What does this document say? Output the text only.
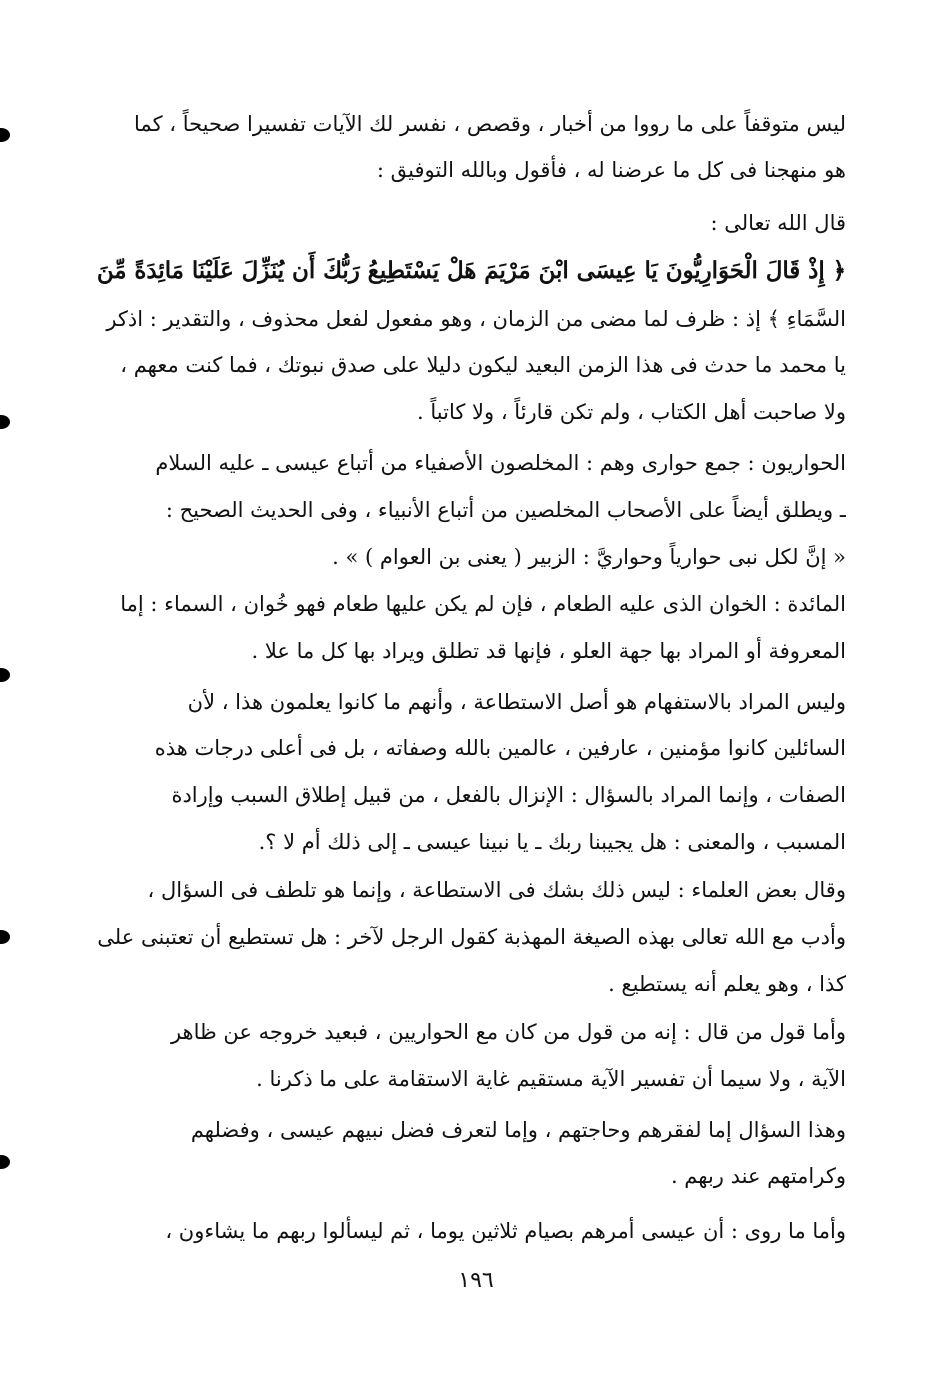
ليس متوقفاً على ما رووا من أخبار ، وقصص ، نفسر لك الآيات تفسيرا صحيحاً ، كما
هو منهجنا فى كل ما عرضنا له ، فأقول وبالله التوفيق :
قال الله تعالى :
﴿ إِذْ قَالَ الْحَوَارِيُّونَ يَا عِيسَى ابْنَ مَرْيَمَ هَلْ يَسْتَطِيعُ رَبُّكَ أَن يُنَزِّلَ عَلَيْنَا مَائِدَةً مِّنَ
السَّمَاءِ ﴾ إذ : ظرف لما مضى من الزمان ، وهو مفعول لفعل محذوف ، والتقدير : اذكر
يا محمد ما حدث فى هذا الزمن البعيد ليكون دليلا على صدق نبوتك ، فما كنت معهم ،
ولا صاحبت أهل الكتاب ، ولم تكن قارئاً ، ولا كاتباً .
الحواريون : جمع حوارى وهم : المخلصون الأصفياء من أتباع عيسى ـ عليه السلام
ـ ويطلق أيضاً على الأصحاب المخلصين من أتباع الأنبياء ، وفى الحديث الصحيح :
« إنَّ لكل نبى حوارياً وحواريَّ : الزبير ( يعنى بن العوام ) » .
المائدة : الخوان الذى عليه الطعام ، فإن لم يكن عليها طعام فهو خُوان ، السماء : إما
المعروفة أو المراد بها جهة العلو ، فإنها قد تطلق ويراد بها كل ما علا .
وليس المراد بالاستفهام هو أصل الاستطاعة ، وأنهم ما كانوا يعلمون هذا ، لأن
السائلين كانوا مؤمنين ، عارفين ، عالمين بالله وصفاته ، بل فى أعلى درجات هذه
الصفات ، وإنما المراد بالسؤال : الإنزال بالفعل ، من قبيل إطلاق السبب وإرادة
المسبب ، والمعنى : هل يجيبنا ربك ـ يا نبينا عيسى ـ إلى ذلك أم لا ؟.
وقال بعض العلماء : ليس ذلك بشك فى الاستطاعة ، وإنما هو تلطف فى السؤال ،
وأدب مع الله تعالى بهذه الصيغة المهذبة كقول الرجل لآخر : هل تستطيع أن تعتبنى على
كذا ، وهو يعلم أنه يستطيع .
وأما قول من قال : إنه من قول من كان مع الحواريين ، فبعيد خروجه عن ظاهر
الآية ، ولا سيما أن تفسير الآية مستقيم غاية الاستقامة على ما ذكرنا .
وهذا السؤال إما لفقرهم وحاجتهم ، وإما لتعرف فضل نبيهم عيسى ، وفضلهم
وكرامتهم عند ربهم .
وأما ما روى : أن عيسى أمرهم بصيام ثلاثين يوما ، ثم ليسألوا ربهم ما يشاءون ،
١٩٦
